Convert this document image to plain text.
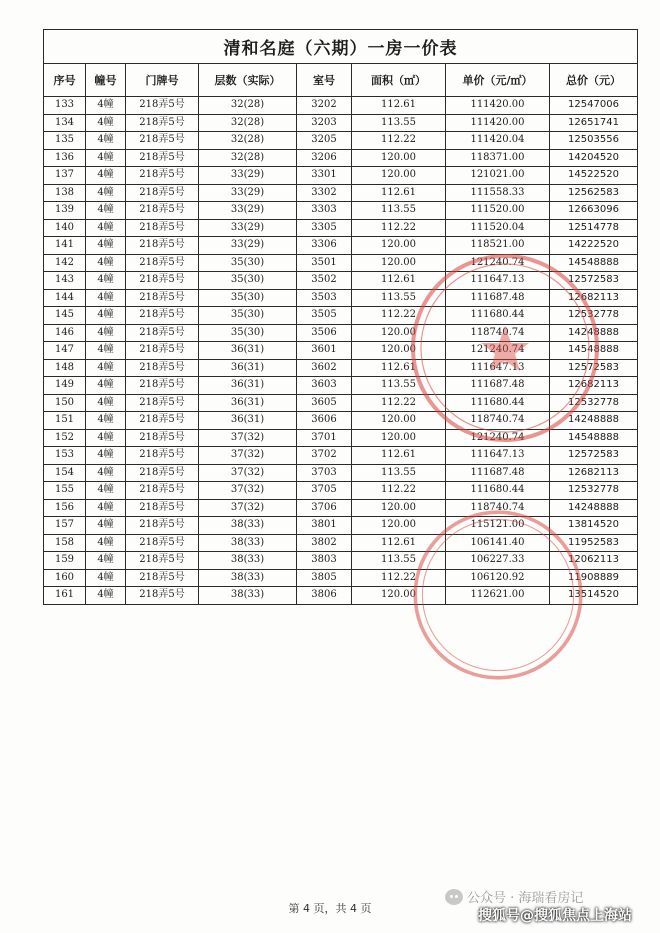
清和名庭（六期）一房一价表							
序号	幢号	门牌号	层数（实际）	室号	面积（㎡）	单价（元/㎡）	总价（元）
133	4幢	218弄5号	32(28)	3202	112.61	111420.00	12547006
134	4幢	218弄5号	32(28)	3203	113.55	111420.00	12651741
135	4幢	218弄5号	32(28)	3205	112.22	111420.04	12503556
136	4幢	218弄5号	32(28)	3206	120.00	118371.00	14204520
137	4幢	218弄5号	33(29)	3301	120.00	121021.00	14522520
138	4幢	218弄5号	33(29)	3302	112.61	111558.33	12562583
139	4幢	218弄5号	33(29)	3303	113.55	111520.00	12663096
140	4幢	218弄5号	33(29)	3305	112.22	111520.04	12514778
141	4幢	218弄5号	33(29)	3306	120.00	118521.00	14222520
142	4幢	218弄5号	35(30)	3501	120.00	121240.74	14548888
143	4幢	218弄5号	35(30)	3502	112.61	111647.13	12572583
144	4幢	218弄5号	35(30)	3503	113.55	111687.48	12682113
145	4幢	218弄5号	35(30)	3505	112.22	111680.44	12532778
146	4幢	218弄5号	35(30)	3506	120.00	118740.74	14248888
147	4幢	218弄5号	36(31)	3601	120.00	121240.74	14548888
148	4幢	218弄5号	36(31)	3602	112.61	111647.13	12572583
149	4幢	218弄5号	36(31)	3603	113.55	111687.48	12682113
150	4幢	218弄5号	36(31)	3605	112.22	111680.44	12532778
151	4幢	218弄5号	36(31)	3606	120.00	118740.74	14248888
152	4幢	218弄5号	37(32)	3701	120.00	121240.74	14548888
153	4幢	218弄5号	37(32)	3702	112.61	111647.13	12572583
154	4幢	218弄5号	37(32)	3703	113.55	111687.48	12682113
155	4幢	218弄5号	37(32)	3705	112.22	111680.44	12532778
156	4幢	218弄5号	37(32)	3706	120.00	118740.74	14248888
157	4幢	218弄5号	38(33)	3801	120.00	115121.00	13814520
158	4幢	218弄5号	38(33)	3802	112.61	106141.40	11952583
159	4幢	218弄5号	38(33)	3803	113.55	106227.33	12062113
160	4幢	218弄5号	38(33)	3805	112.22	106120.92	11908889
161	4幢	218弄5号	38(33)	3806	120.00	112621.00	13514520
第 4 页，共 4 页
公众号 · 海瑞看房记
搜狐号@搜狐焦点上海站
